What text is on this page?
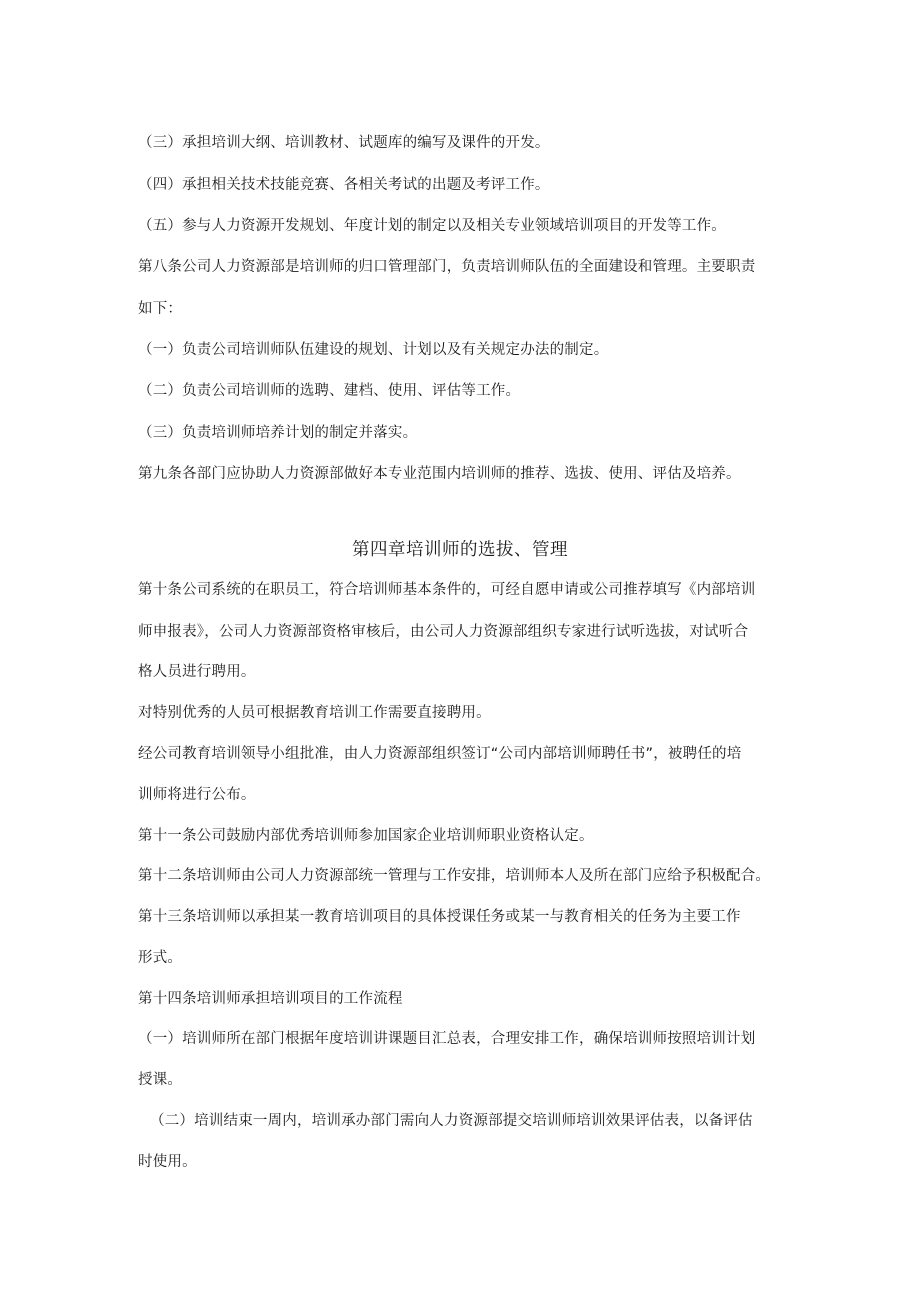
（三）承担培训大纲、培训教材、试题库的编写及课件的开发。
（四）承担相关技术技能竞赛、各相关考试的出题及考评工作。
（五）参与人力资源开发规划、年度计划的制定以及相关专业领域培训项目的开发等工作。
第八条公司人力资源部是培训师的归口管理部门，负责培训师队伍的全面建设和管理。主要职责
如下：
（一）负责公司培训师队伍建设的规划、计划以及有关规定办法的制定。
（二）负责公司培训师的选聘、建档、使用、评估等工作。
（三）负责培训师培养计划的制定并落实。
第九条各部门应协助人力资源部做好本专业范围内培训师的推荐、选拔、使用、评估及培养。
第四章培训师的选拔、管理
第十条公司系统的在职员工，符合培训师基本条件的，可经自愿申请或公司推荐填写《内部培训
师申报表》，公司人力资源部资格审核后，由公司人力资源部组织专家进行试听选拔，对试听合
格人员进行聘用。
对特别优秀的人员可根据教育培训工作需要直接聘用。
经公司教育培训领导小组批准，由人力资源部组织签订“公司内部培训师聘任书”，被聘任的培
训师将进行公布。
第十一条公司鼓励内部优秀培训师参加国家企业培训师职业资格认定。
第十二条培训师由公司人力资源部统一管理与工作安排，培训师本人及所在部门应给予积极配合。
第十三条培训师以承担某一教育培训项目的具体授课任务或某一与教育相关的任务为主要工作
形式。
第十四条培训师承担培训项目的工作流程
（一）培训师所在部门根据年度培训讲课题目汇总表，合理安排工作，确保培训师按照培训计划
授课。
（二）培训结束一周内，培训承办部门需向人力资源部提交培训师培训效果评估表，以备评估
时使用。
